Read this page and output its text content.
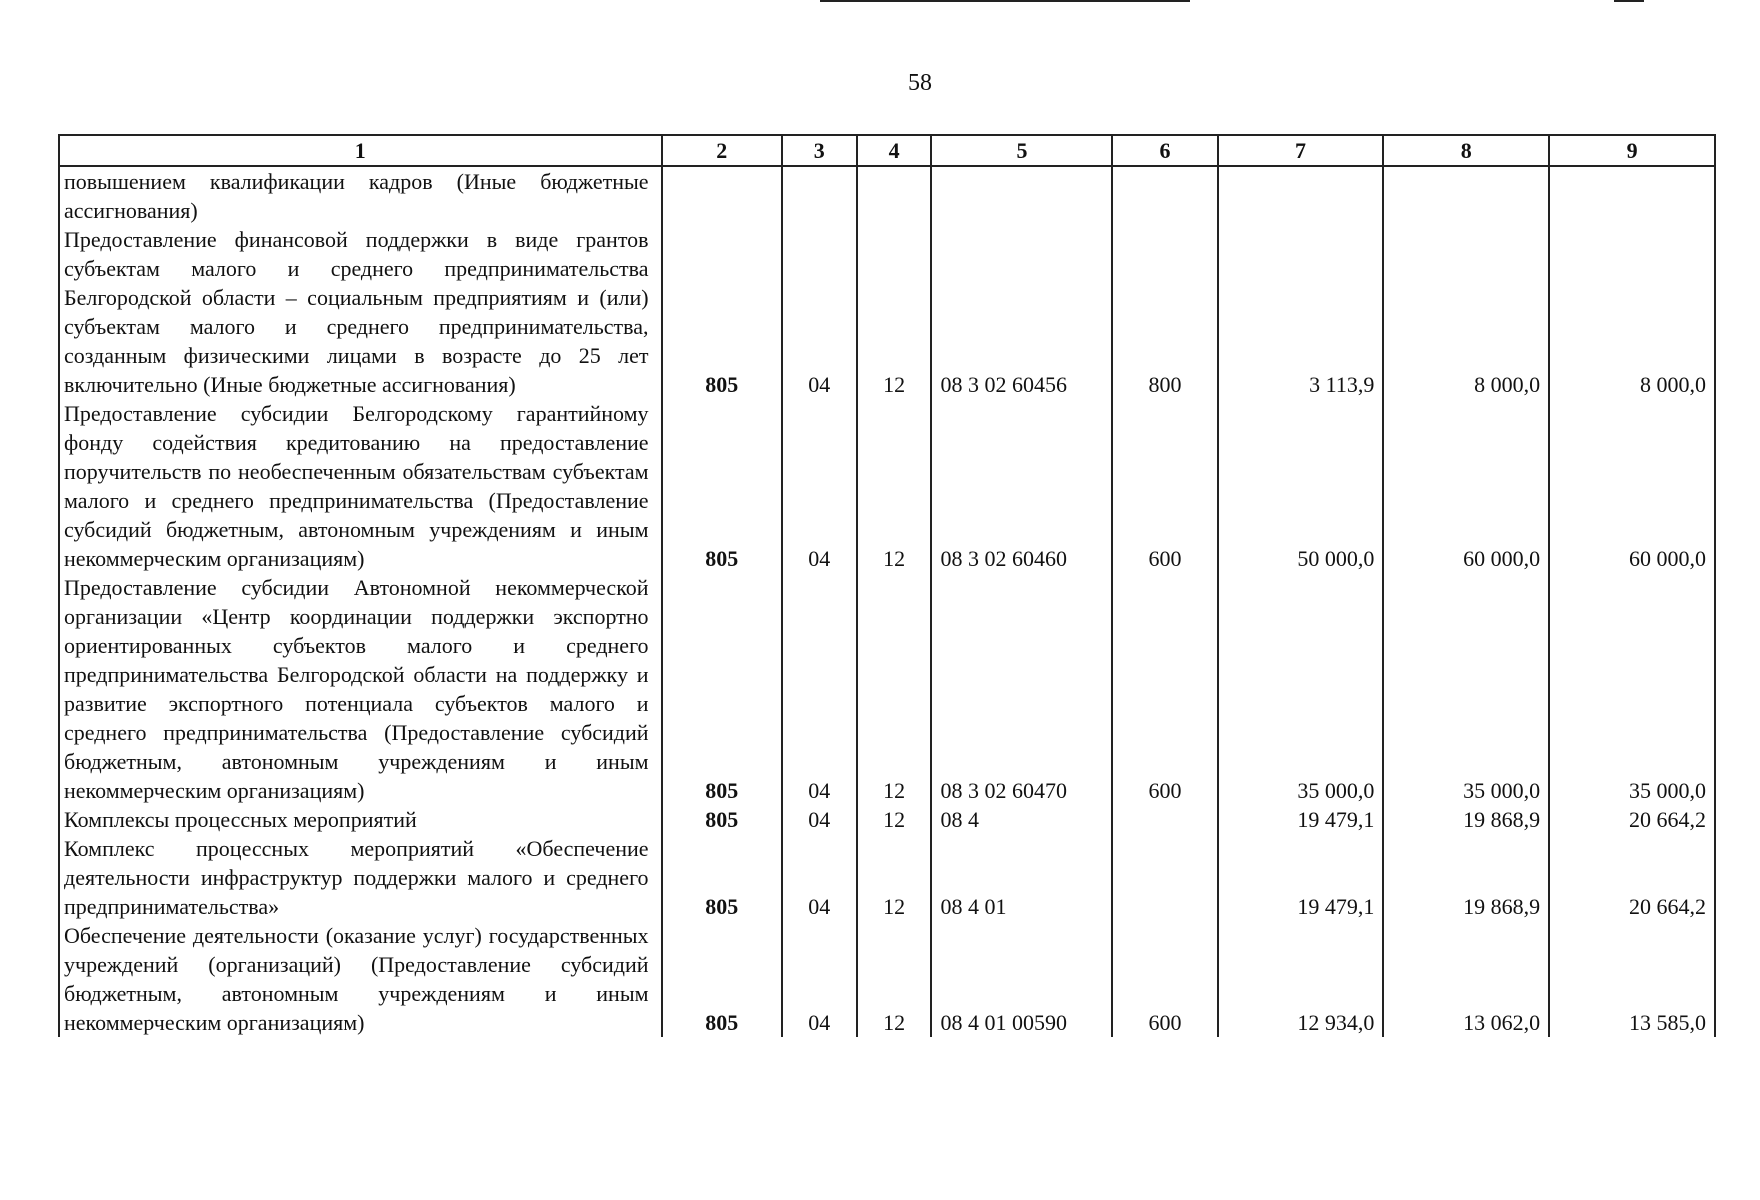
58
1	2	3	4	5	6	7	8	9
повышением квалификации кадров (Иные бюджетные ассигнования)								
Предоставление финансовой поддержки в виде грантов субъектам малого и среднего предпринимательства Белгородской области – социальным предприятиям и (или) субъектам малого и среднего предпринимательства, созданным физическими лицами в возрасте до 25 лет включительно (Иные бюджетные ассигнования)	805	04	12	08 3 02 60456	800	3 113,9	8 000,0	8 000,0
Предоставление субсидии Белгородскому гарантийному фонду содействия кредитованию на предоставление поручительств по необеспеченным обязательствам субъектам малого и среднего предпринимательства (Предоставление субсидий бюджетным, автономным учреждениям и иным некоммерческим организациям)	805	04	12	08 3 02 60460	600	50 000,0	60 000,0	60 000,0
Предоставление субсидии Автономной некоммерческой организации «Центр координации поддержки экспортно ориентированных субъектов малого и среднего предпринимательства Белгородской области на поддержку и развитие экспортного потенциала субъектов малого и среднего предпринимательства (Предоставление субсидий бюджетным, автономным учреждениям и иным некоммерческим организациям)	805	04	12	08 3 02 60470	600	35 000,0	35 000,0	35 000,0
Комплексы процессных мероприятий	805	04	12	08 4		19 479,1	19 868,9	20 664,2
Комплекс процессных мероприятий «Обеспечение деятельности инфраструктур поддержки малого и среднего предпринимательства»	805	04	12	08 4 01		19 479,1	19 868,9	20 664,2
Обеспечение деятельности (оказание услуг) государственных учреждений (организаций) (Предоставление субсидий бюджетным, автономным учреждениям и иным некоммерческим организациям)	805	04	12	08 4 01 00590	600	12 934,0	13 062,0	13 585,0
